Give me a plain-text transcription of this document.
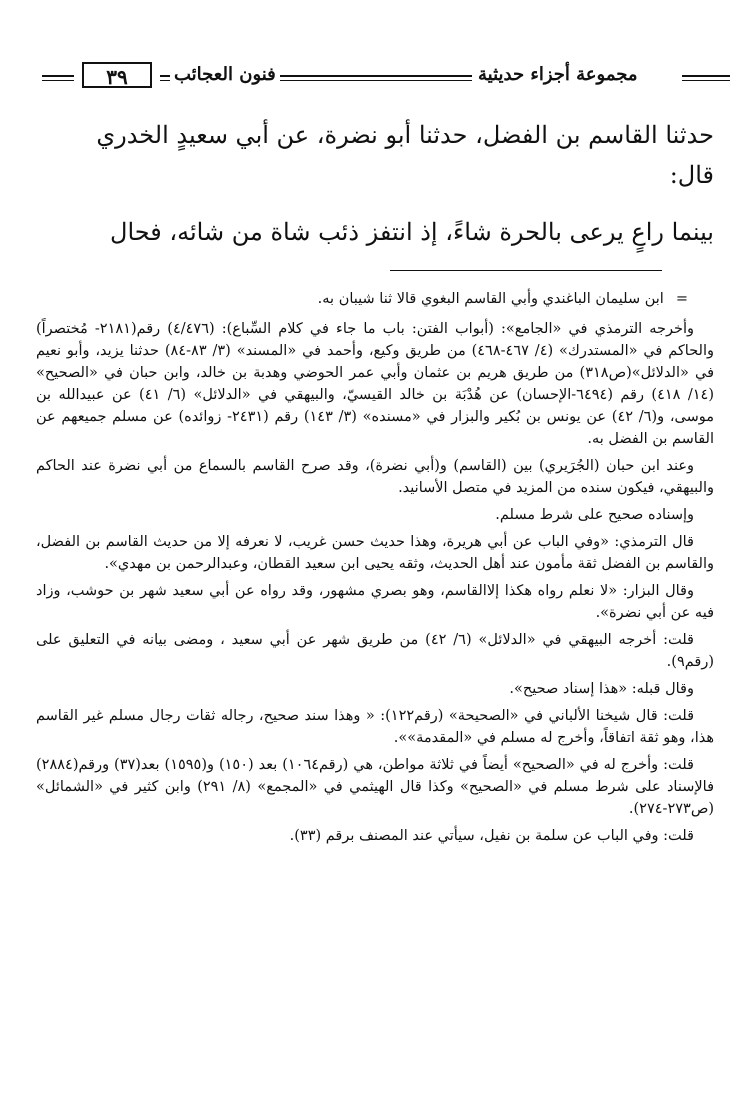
٣٩	فنون العجائب	مجموعة أجزاء حديثية

حدثنا القاسم بن الفضل، حدثنا أبو نضرة، عن أبي سعيدٍ الخدري

قال:

بينما راعٍ يرعى بالحرة شاءً، إذ انتفز ذئب شاة من شائه، فحال

=
ابن سليمان الباغندي وأبي القاسم البغوي قالا ثنا شيبان به.

وأخرجه الترمذي في «الجامع»: (أبواب الفتن: باب ما جاء في كلام السِّباع): (٤/٤٧٦) رقم(٢١٨١- مُختصراً) والحاكم في «المستدرك» (٤/ ٤٦٧-٤٦٨) من طريق وكيع، وأحمد في «المسند» (٣/ ٨٣-٨٤) حدثنا يزيد، وأبو نعيم في «الدلائل»(ص٣١٨) من طريق هريم بن عثمان وأبي عمر الحوضي وهدبة بن خالد، وابن حبان في «الصحيح» (١٤/ ٤١٨) رقم (٦٤٩٤-الإحسان) عن هُدْبَة بن خالد القيسيّ، والبيهقي في «الدلائل» (٦/ ٤١) عن عبيدالله بن موسى، و(٦/ ٤٢) عن يونس بن بُكير والبزار في «مسنده» (٣/ ١٤٣) رقم (٢٤٣١- زوائده) عن مسلم جميعهم عن القاسم بن الفضل به.

وعند ابن حبان (الجُرَيري) بين (القاسم) و(أبي نضرة)، وقد صرح القاسم بالسماع من أبي نضرة عند الحاكم والبيهقي، فيكون سنده من المزيد في متصل الأسانيد.

وإسناده صحيح على شرط مسلم.

قال الترمذي: «وفي الباب عن أبي هريرة، وهذا حديث حسن غريب، لا نعرفه إلا من حديث القاسم بن الفضل، والقاسم بن الفضل ثقة مأمون عند أهل الحديث، وثقه يحيى ابن سعيد القطان، وعبدالرحمن بن مهدي».

وقال البزار: «لا نعلم رواه هكذا إلاالقاسم، وهو بصري مشهور، وقد رواه عن أبي سعيد شهر بن حوشب، وزاد فيه عن أبي نضرة».

قلت: أخرجه البيهقي في «الدلائل» (٦/ ٤٢) من طريق شهر عن أبي سعيد ، ومضى بيانه في التعليق على (رقم٩).

وقال قبله: «هذا إسناد صحيح».

قلت: قال شيخنا الألباني في «الصحيحة» (رقم١٢٢): « وهذا سند صحيح، رجاله ثقات رجال مسلم غير القاسم هذا، وهو ثقة اتفاقاً، وأخرج له مسلم في «المقدمة»».

قلت: وأخرج له في «الصحيح» أيضاً في ثلاثة مواطن، هي (رقم١٠٦٤) بعد (١٥٠) و(١٥٩٥) بعد(٣٧) ورقم(٢٨٨٤) فالإسناد على شرط مسلم في «الصحيح» وكذا قال الهيثمي في «المجمع» (٨/ ٢٩١) وابن كثير في «الشمائل» (ص٢٧٣-٢٧٤).

قلت: وفي الباب عن سلمة بن نفيل، سيأتي عند المصنف برقم (٣٣).
